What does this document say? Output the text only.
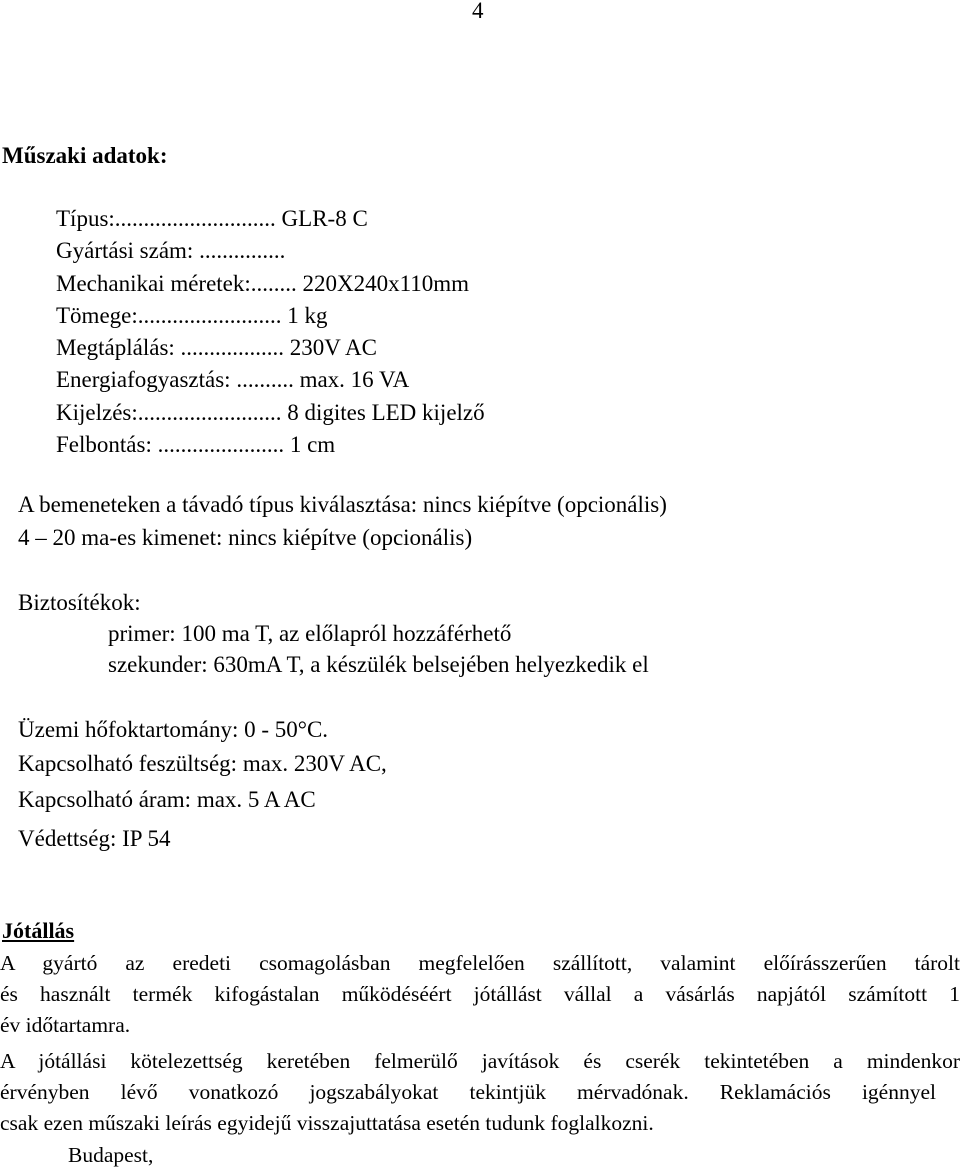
4
Műszaki adatok:
Típus:............................ GLR-8 C
Gyártási szám: ...............
Mechanikai méretek:........ 220X240x110mm
Tömege:......................... 1 kg
Megtáplálás: .................. 230V AC
Energiafogyasztás: .......... max. 16 VA
Kijelzés:......................... 8 digites LED kijelző
Felbontás: ...................... 1 cm
A bemeneteken a távadó típus kiválasztása: nincs kiépítve (opcionális)
4 – 20 ma-es kimenet: nincs kiépítve (opcionális)
Biztosítékok:
primer: 100 ma T, az előlapról hozzáférhető
szekunder: 630mA T, a készülék belsejében helyezkedik el
Üzemi hőfoktartomány: 0 - 50°C.
Kapcsolható feszültség: max. 230V AC,
Kapcsolható áram: max. 5 A AC
Védettség: IP 54
Jótállás
A gyártó az eredeti csomagolásban megfelelően szállított, valamint előírásszerűen tárolt
és használt termék kifogástalan működéséért jótállást vállal a vásárlás napjától számított 1
év időtartamra.
A jótállási kötelezettség keretében felmerülő javítások és cserék tekintetében a mindenkor
érvényben lévő vonatkozó jogszabályokat tekintjük mérvadónak. Reklamációs igénnyel
csak ezen műszaki leírás egyidejű visszajuttatása esetén tudunk foglalkozni.
Budapest,
